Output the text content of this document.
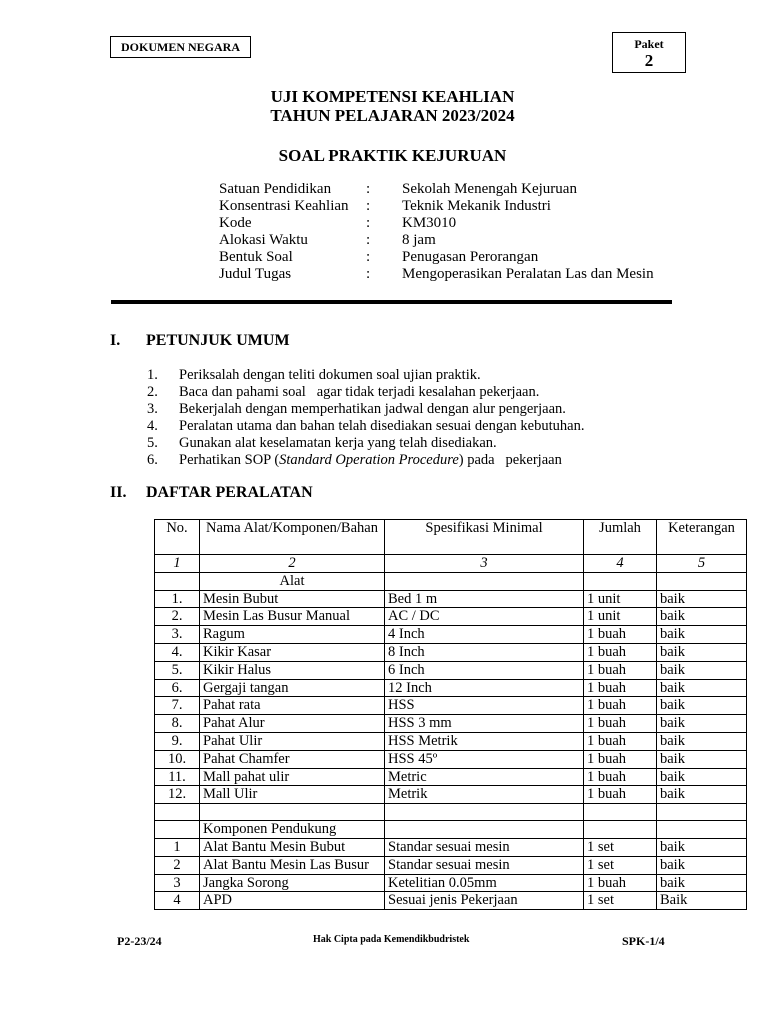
DOKUMEN NEGARA	Paket
2
UJI KOMPETENSI KEAHLIAN
TAHUN PELAJARAN 2023/2024
SOAL PRAKTIK KEJURUAN
Satuan Pendidikan : Sekolah Menengah Kejuruan
Konsentrasi Keahlian : Teknik Mekanik Industri
Kode	: KM3010
Alokasi Waktu	: 8 jam
Bentuk Soal	: Penugasan Perorangan
Judul Tugas	: Mengoperasikan Peralatan Las dan Mesin
I. PETUNJUK UMUM
1. Periksalah dengan teliti dokumen soal ujian praktik.
2. Baca dan pahami soal   agar tidak terjadi kesalahan pekerjaan.
3. Bekerjalah dengan memperhatikan jadwal dengan alur pengerjaan.
4. Peralatan utama dan bahan telah disediakan sesuai dengan kebutuhan.
5. Gunakan alat keselamatan kerja yang telah disediakan.
6. Perhatikan SOP (Standard Operation Procedure) pada   pekerjaan
II. DAFTAR PERALATAN
No.	Nama Alat/Komponen/Bahan	Spesifikasi Minimal	Jumlah	Keterangan
1	2	3	4	5
	Alat			
1.	Mesin Bubut	Bed 1 m	1 unit	baik
2.	Mesin Las Busur Manual	AC / DC	1 unit	baik
3.	Ragum	4 Inch	1 buah	baik
4.	Kikir Kasar	8 Inch	1 buah	baik
5.	Kikir Halus	6 Inch	1 buah	baik
6.	Gergaji tangan	12 Inch	1 buah	baik
7.	Pahat rata	HSS	1 buah	baik
8.	Pahat Alur	HSS 3 mm	1 buah	baik
9.	Pahat Ulir	HSS Metrik	1 buah	baik
10.	Pahat Chamfer	HSS 45º	1 buah	baik
11.	Mall pahat ulir	Metric	1 buah	baik
12.	Mall Ulir	Metrik	1 buah	baik

	Komponen Pendukung			
1	Alat Bantu Mesin Bubut	Standar sesuai mesin	1 set	baik
2	Alat Bantu Mesin Las Busur	Standar sesuai mesin	1 set	baik
3	Jangka Sorong	Ketelitian 0.05mm	1 buah	baik
4	APD	Sesuai jenis Pekerjaan	1 set	Baik
P2-23/24	Hak Cipta pada Kemendikbudristek	SPK-1/4
